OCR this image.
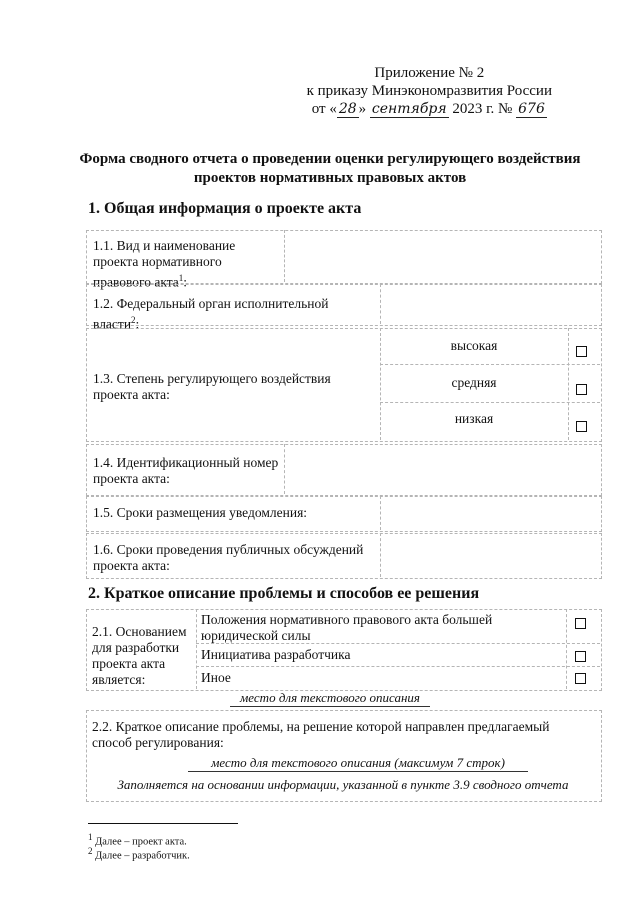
Приложение № 2
к приказу Минэкономразвития России
от « 28 » сентября 2023 г. № 676
Форма сводного отчета о проведении оценки регулирующего воздействия
проектов нормативных правовых актов
1. Общая информация о проекте акта
1.1. Вид и наименование проекта нормативного правового акта$^1$:
1.2. Федеральный орган исполнительной власти$^2$:
1.3. Степень регулирующего воздействия проекта акта:
высокая
средняя
низкая
1.4. Идентификационный номер проекта акта:
1.5. Сроки размещения уведомления:
1.6. Сроки проведения публичных обсуждений проекта акта:
2. Краткое описание проблемы и способов ее решения
2.1. Основанием для разработки проекта акта является:
Положения нормативного правового акта большей юридической силы
Инициатива разработчика
Иное
место для текстового описания
2.2. Краткое описание проблемы, на решение которой направлен предлагаемый способ регулирования:
место для текстового описания (максимум 7 строк)
Заполняется на основании информации, указанной в пункте 3.9 сводного отчета
$^1$ Далее – проект акта.
$^2$ Далее – разработчик.
